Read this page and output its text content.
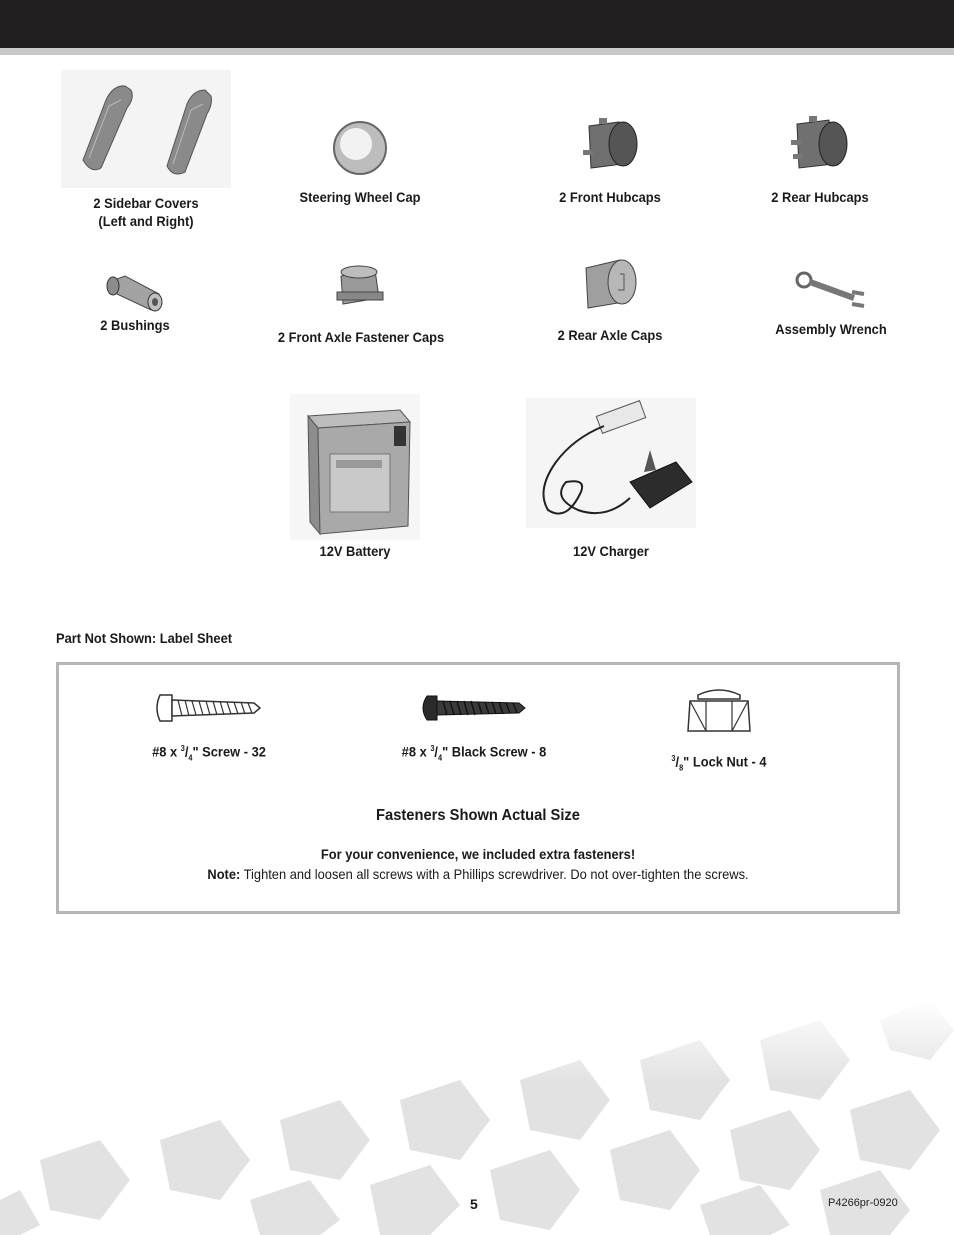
2 Sidebar Covers
(Left and Right)
Steering Wheel Cap	2 Front Hubcaps	2 Rear Hubcaps
2 Bushings
2 Front Axle Fastener Caps	2 Rear Axle Caps	Assembly Wrench
12V Battery	12V Charger
Part Not Shown: Label Sheet
#8 x $^3/_4$" Screw - 32	#8 x $^3/_4$" Black Screw - 8	$^3/_8$" Lock Nut - 4
Fasteners Shown Actual Size
For your convenience, we included extra fasteners!
Note: Tighten and loosen all screws with a Phillips screwdriver. Do not over-tighten the screws.
5	P4266pr-0920
